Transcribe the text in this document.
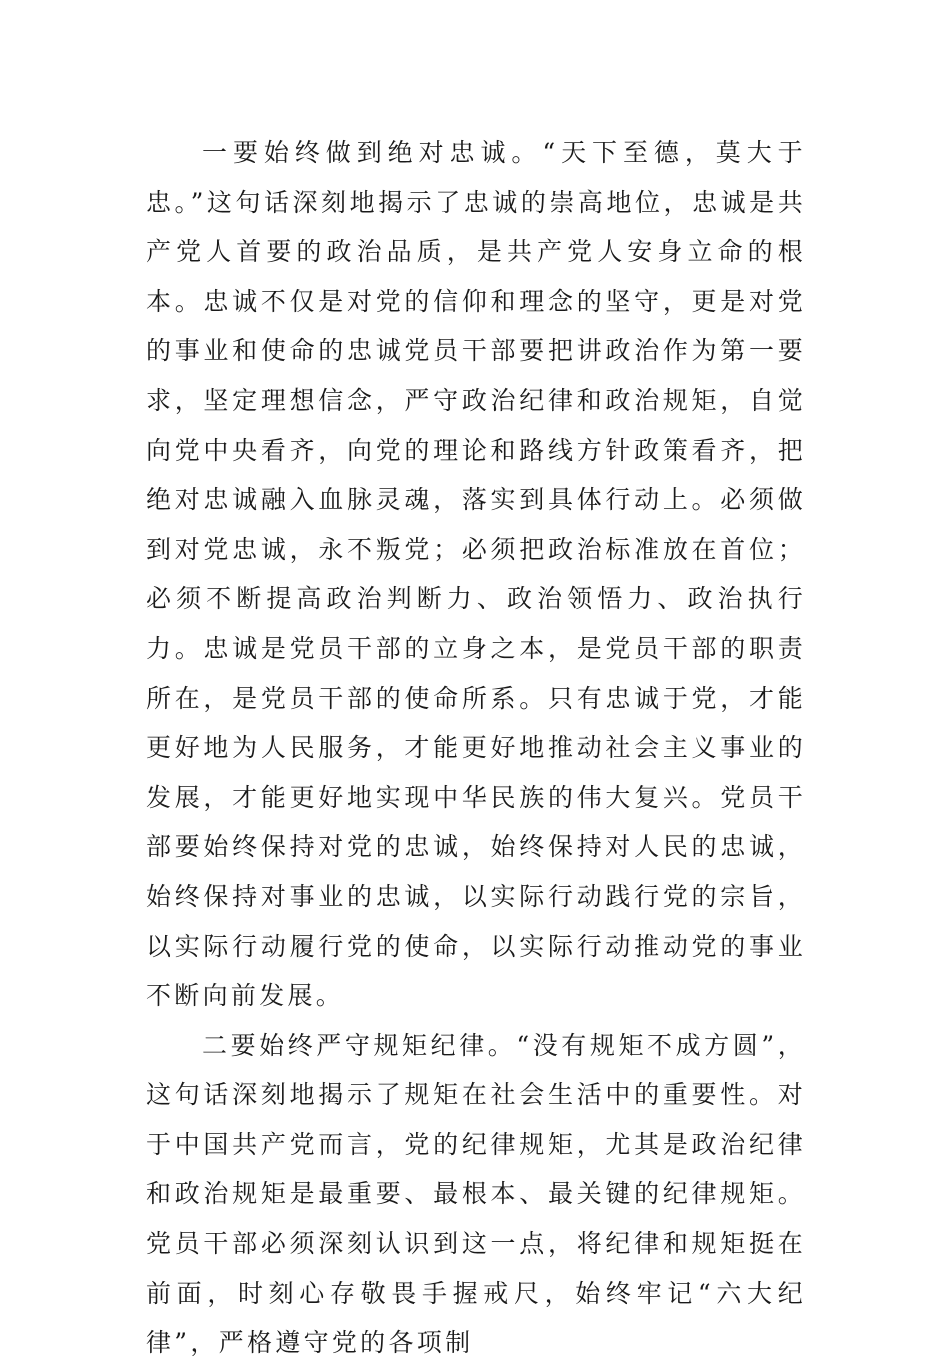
一要始终做到绝对忠诚。“天下至德，莫大于忠。”这句话深刻地揭示了忠诚的崇高地位，忠诚是共产党人首要的政治品质，是共产党人安身立命的根本。忠诚不仅是对党的信仰和理念的坚守，更是对党的事业和使命的忠诚党员干部要把讲政治作为第一要求，坚定理想信念，严守政治纪律和政治规矩，自觉向党中央看齐，向党的理论和路线方针政策看齐，把绝对忠诚融入血脉灵魂，落实到具体行动上。必须做到对党忠诚，永不叛党；必须把政治标准放在首位；必须不断提高政治判断力、政治领悟力、政治执行力。忠诚是党员干部的立身之本，是党员干部的职责所在，是党员干部的使命所系。只有忠诚于党，才能更好地为人民服务，才能更好地推动社会主义事业的发展，才能更好地实现中华民族的伟大复兴。党员干部要始终保持对党的忠诚，始终保持对人民的忠诚，始终保持对事业的忠诚，以实际行动践行党的宗旨，以实际行动履行党的使命，以实际行动推动党的事业不断向前发展。

二要始终严守规矩纪律。“没有规矩不成方圆”，这句话深刻地揭示了规矩在社会生活中的重要性。对于中国共产党而言，党的纪律规矩，尤其是政治纪律和政治规矩是最重要、最根本、最关键的纪律规矩。党员干部必须深刻认识到这一点，将纪律和规矩挺在前面，时刻心存敬畏手握戒尺，始终牢记“六大纪律”，严格遵守党的各项制
